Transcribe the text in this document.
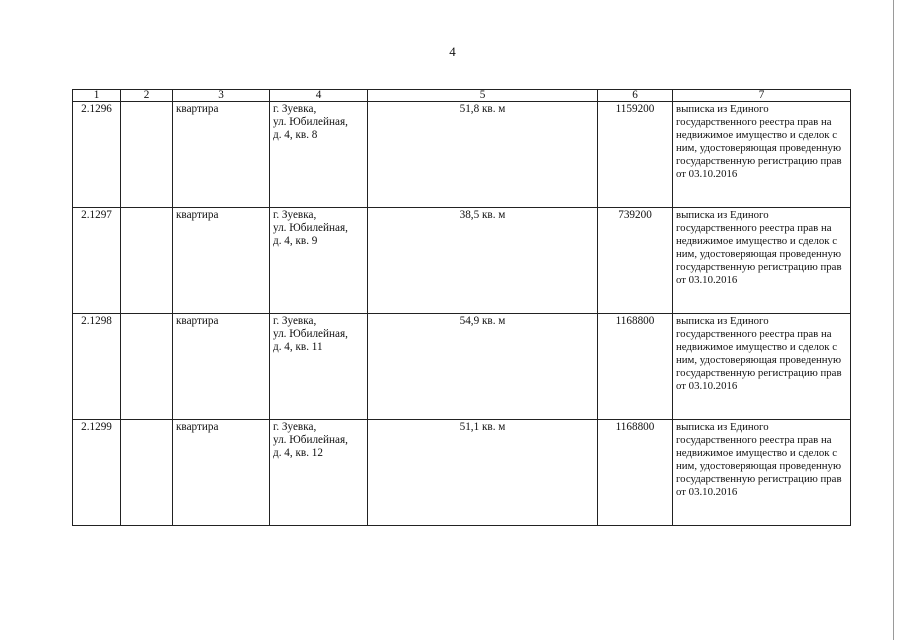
4
1	2	3	4	5	6	7
2.1296		квартира	г. Зуевка,
ул. Юбилейная,
д. 4, кв. 8	51,8 кв. м	1159200	выписка из Единого государственного реестра прав на недвижимое имущество и сделок с ним, удостоверяющая проведенную государственную регистрацию прав от 03.10.2016
2.1297		квартира	г. Зуевка,
ул. Юбилейная,
д. 4, кв. 9	38,5 кв. м	739200	выписка из Единого государственного реестра прав на недвижимое имущество и сделок с ним, удостоверяющая проведенную государственную регистрацию прав от 03.10.2016
2.1298		квартира	г. Зуевка,
ул. Юбилейная,
д. 4, кв. 11	54,9 кв. м	1168800	выписка из Единого государственного реестра прав на недвижимое имущество и сделок с ним, удостоверяющая проведенную государственную регистрацию прав от 03.10.2016
2.1299		квартира	г. Зуевка,
ул. Юбилейная,
д. 4, кв. 12	51,1 кв. м	1168800	выписка из Единого государственного реестра прав на недвижимое имущество и сделок с ним, удостоверяющая проведенную государственную регистрацию прав от 03.10.2016
